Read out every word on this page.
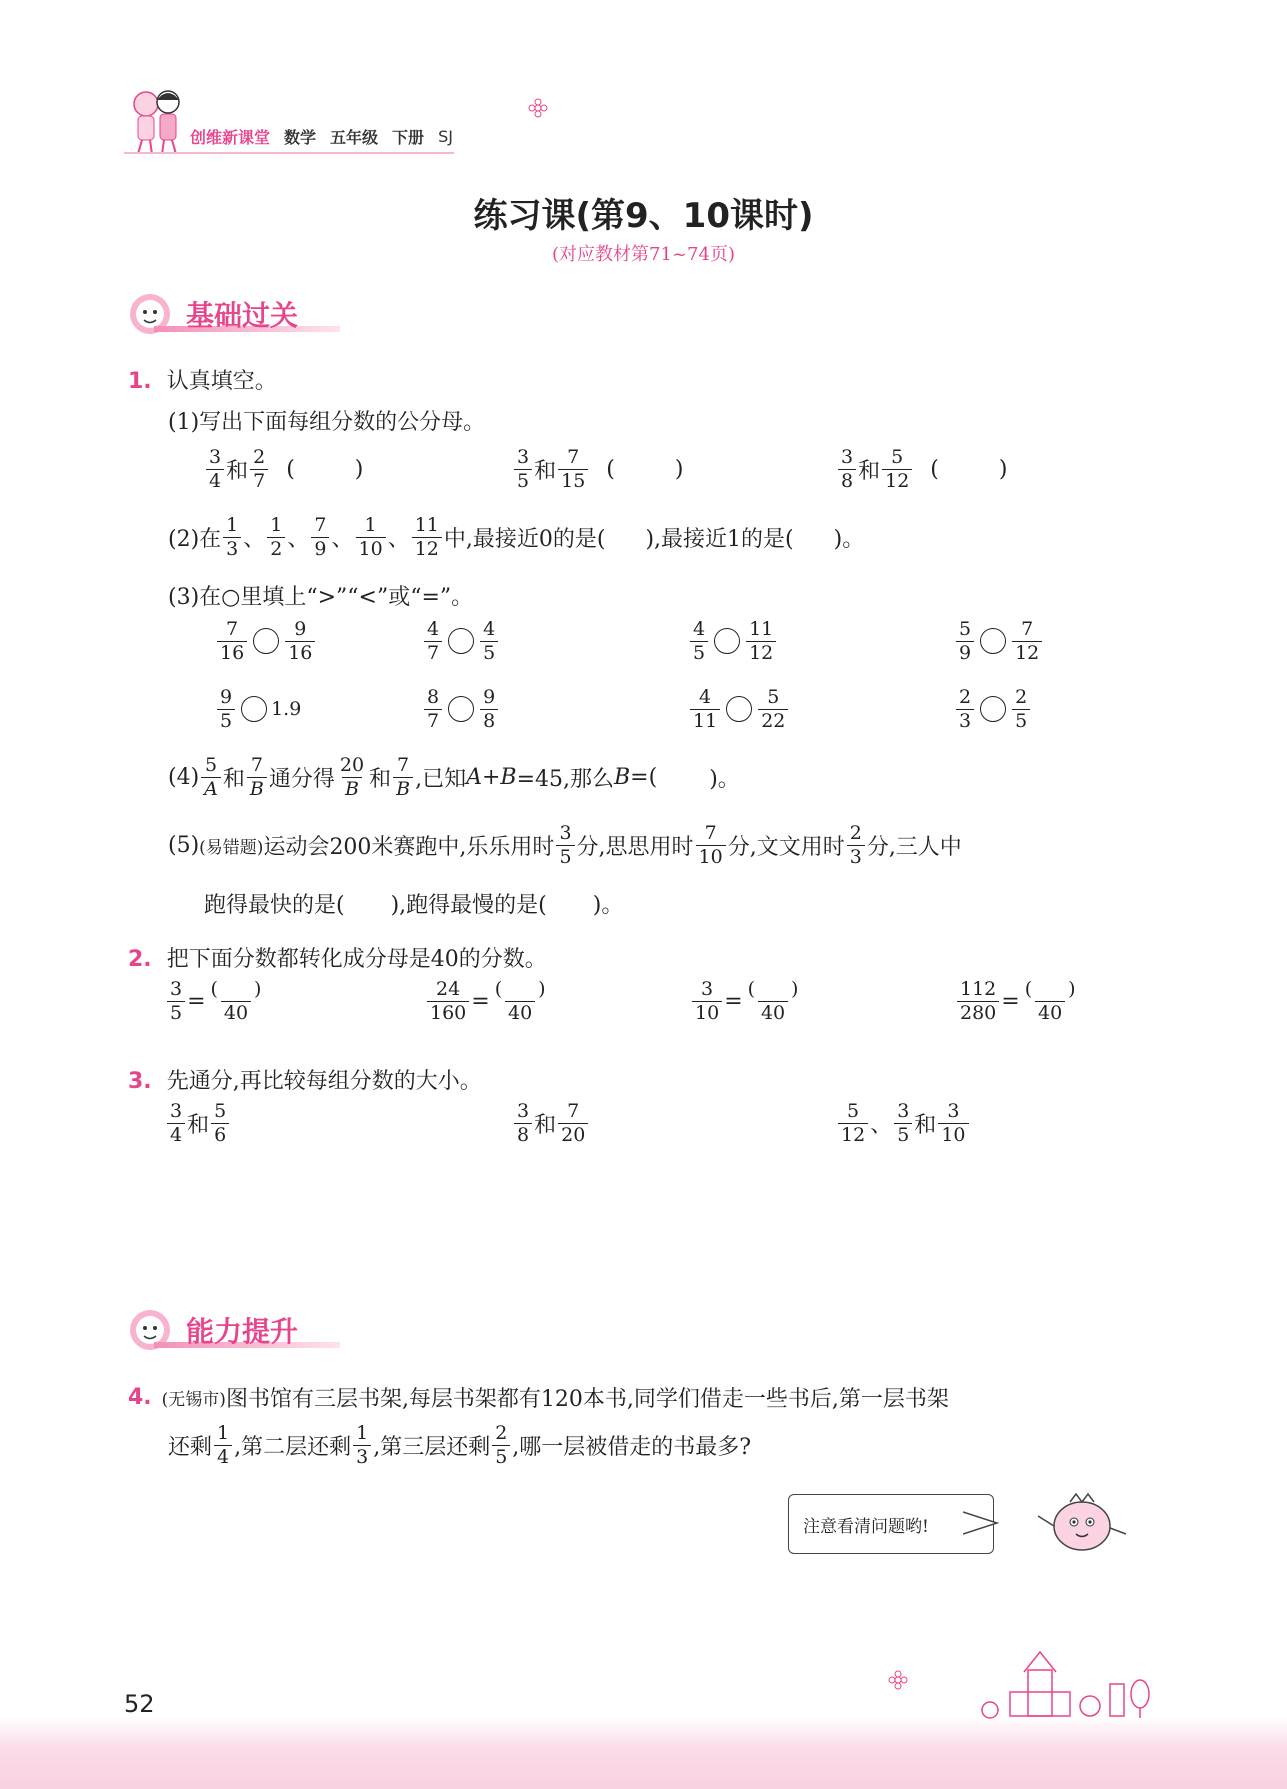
创维新课堂 数学 五年级 下册 SJ
练习课(第9、10课时)
(对应教材第71~74页)
基础过关
1. 认真填空。
(1)写出下面每组分数的公分母。
$\frac{3}{4}$ 和 $\frac{2}{7}$ (	)	$\frac{3}{5}$ 和 $\frac{7}{15}$ (	)	$\frac{3}{8}$ 和 $\frac{5}{12}$ (	)
(2)在 $\frac{1}{3}$ 、 $\frac{1}{2}$ 、 $\frac{7}{9}$ 、 $\frac{1}{10}$ 、 $\frac{11}{12}$ 中,最接近0的是( ),最接近1的是( )。
(3)在○里填上“>”“<”或“=”。
$\frac{7}{16} \frac{9}{16}$	$\frac{4}{7} \frac{4}{5}$	$\frac{4}{5} \frac{11}{12}$	$\frac{5}{9} \frac{7}{12}$
$\frac{9}{5} 1.9$	$\frac{8}{7} \frac{9}{8}$	$\frac{4}{11} \frac{5}{22}$	$\frac{2}{3} \frac{2}{5}$
$(4) \frac{5}{A}$ 和 $\frac{7}{B}$ 通分得 $\frac{20}{B}$ 和 $\frac{7}{B}$ ,已知 A + B =45,那么 B =( )。
(5) (易错题) 运动会200米赛跑中,乐乐用时 $\frac{3}{5}$ 分,思思用时 $\frac{7}{10}$ 分,文文用时 $\frac{2}{3}$ 分,三人中
跑得最快的是( ),跑得最慢的是( )。
2. 把下面分数都转化成分母是40的分数。
$\frac{3}{5} = \frac{( )}{40}$	$\frac{24}{160} = \frac{( )}{40}$	$\frac{3}{10} = \frac{( )}{40}$	$\frac{112}{280} = \frac{( )}{40}$
3. 先通分,再比较每组分数的大小。
$\frac{3}{4}$ 和 $\frac{5}{6}$	$\frac{3}{8}$ 和 $\frac{7}{20}$	$\frac{5}{12}$ 、 $\frac{3}{5}$ 和 $\frac{3}{10}$
能力提升
4. (无锡市) 图书馆有三层书架,每层书架都有120本书,同学们借走一些书后,第一层书架
还剩 $\frac{1}{4}$ ,第二层还剩 $\frac{1}{3}$ ,第三层还剩 $\frac{2}{5}$ ,哪一层被借走的书最多?
注意看清问题哟!
52
